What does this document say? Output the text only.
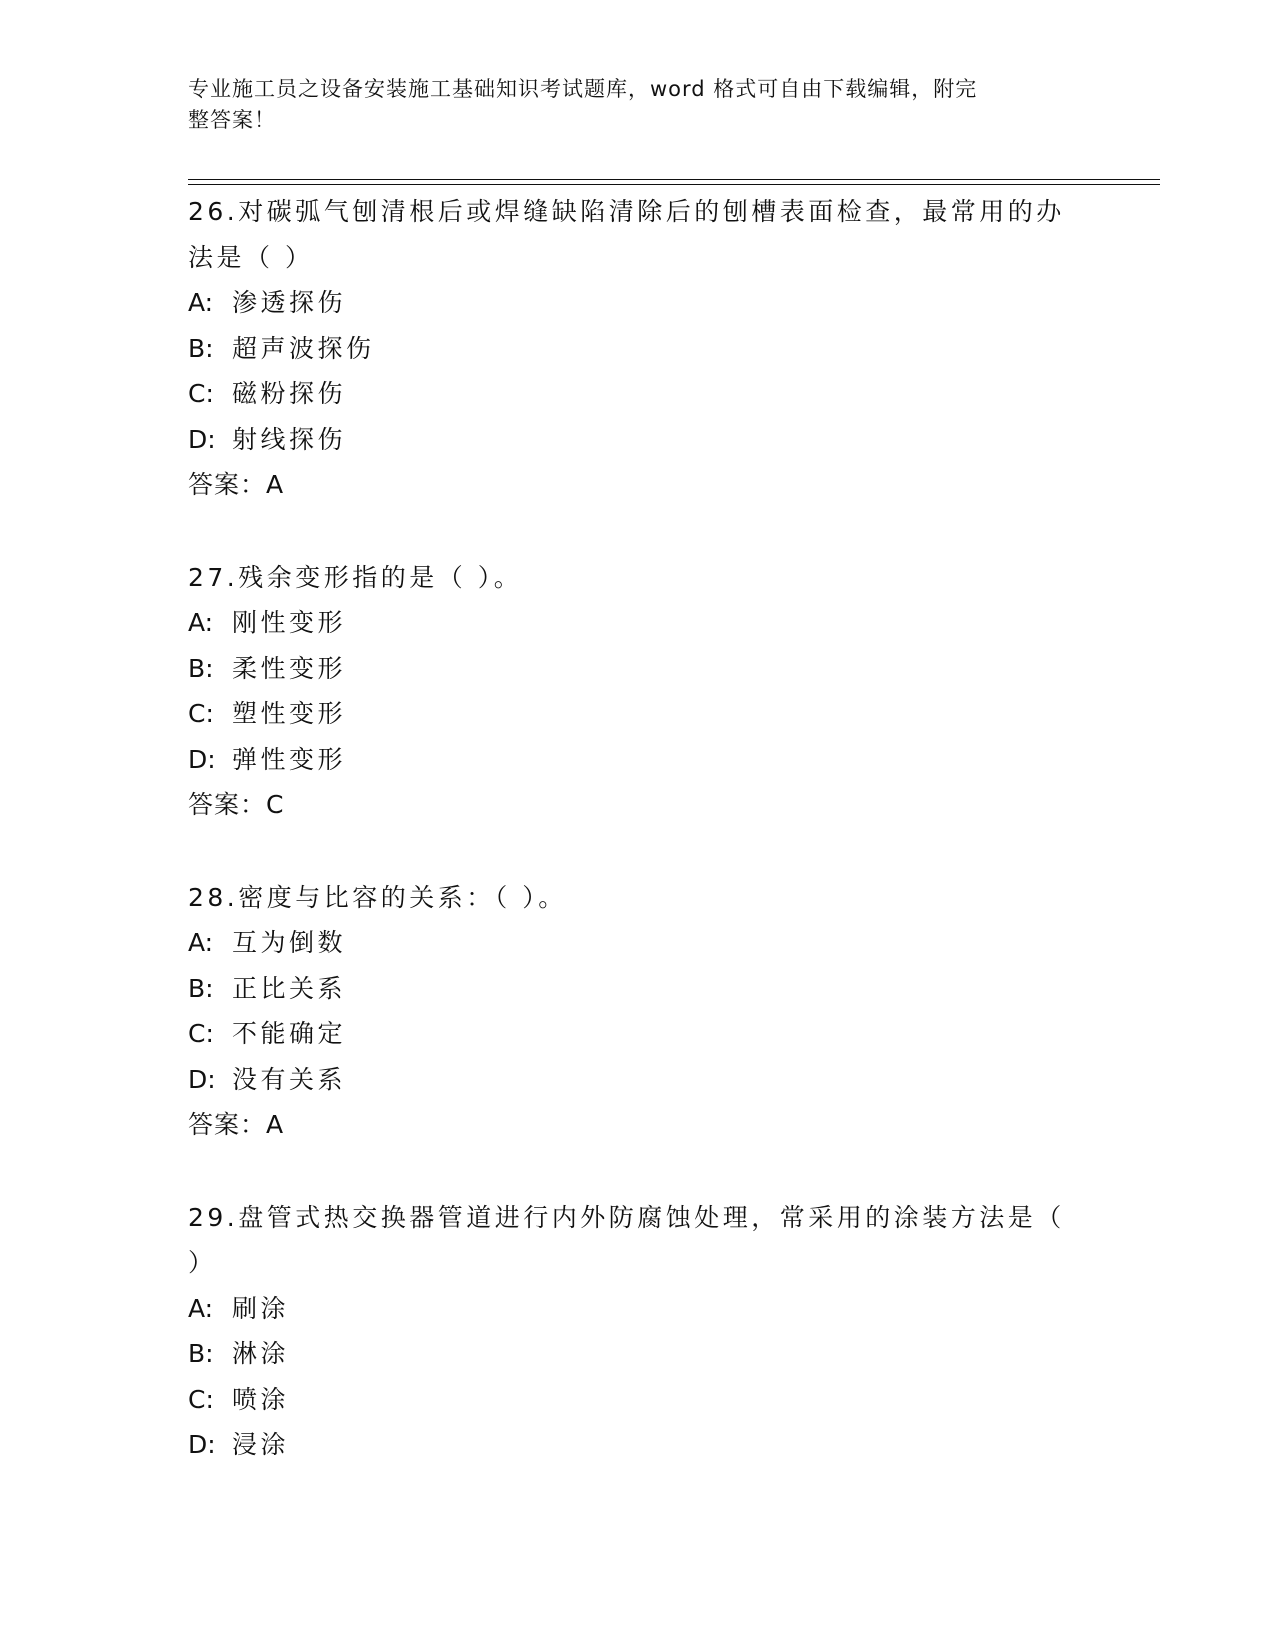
专业施工员之设备安装施工基础知识考试题库，word 格式可自由下载编辑，附完
整答案！
26.对碳弧气刨清根后或焊缝缺陷清除后的刨槽表面检查，最常用的办
法是（ ）
A: 渗透探伤
B: 超声波探伤
C: 磁粉探伤
D: 射线探伤
答案：A
27.残余变形指的是（ ）。
A: 刚性变形
B: 柔性变形
C: 塑性变形
D: 弹性变形
答案：C
28.密度与比容的关系：（ ）。
A: 互为倒数
B: 正比关系
C: 不能确定
D: 没有关系
答案：A
29.盘管式热交换器管道进行内外防腐蚀处理，常采用的涂装方法是（
）
A: 刷涂
B: 淋涂
C: 喷涂
D: 浸涂
